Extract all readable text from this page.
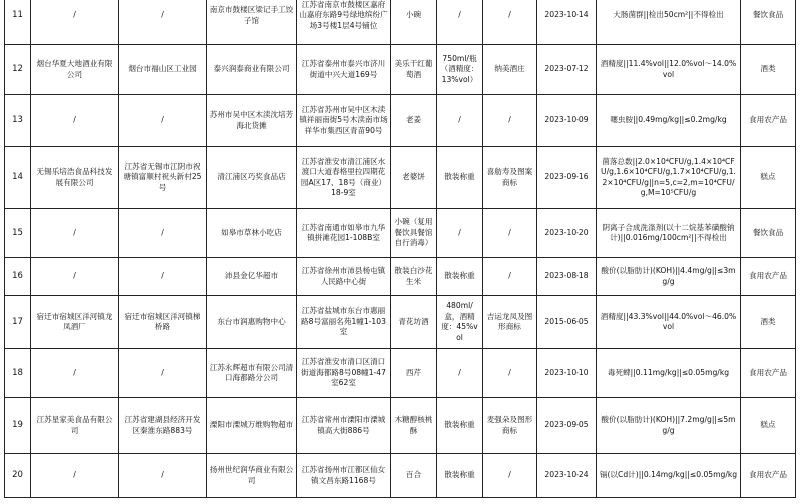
11	/	/	南京市鼓楼区梁记手工饺子馆	江苏省南京市鼓楼区嘉府山嘉府东路9号绿地缤纷广场3号楼1层4号铺位	小碗	/	/	2023-10-14	大肠菌群||检出50cm²||不得检出	餐饮食品
12	烟台华夏大地酒业有限公司	烟台市福山区工业园	泰兴润泰商业有限公司	江苏省泰州市泰兴市济川街道中兴大道169号	美乐干红葡萄酒	750ml/瓶（酒精度：13%vol）	纳美酒庄	2023-07-12	酒精度||11.4%vol||12.0%vol～14.0%vol	酒类
13	/	/	苏州市吴中区木渎沈培芳海北货摊	江苏省苏州市吴中区木渎镇祥丽南街5号木渎南市场祥华市集西区青苗90号	老姜	/	/	2023-10-09	噻虫胺||0.49mg/kg||≤0.2mg/kg	食用农产品
14	无锡乐培浩食品科技发展有限公司	江苏省无锡市江阴市祝塘镇富顺村祝头新村25号	清江浦区巧奖食品店	江苏省淮安市清江浦区水渡口大道春格里拉四期花园A区17、18号（商业）18-9室	老婆饼	散装称重	喜舫寿及图案商标	2023-09-16	菌落总数||2.0×10⁴CFU/g,1.4×10⁴CFU/g,1.6×10⁴CFU/g,1.7×10⁴CFU/g,1.2×10⁴CFU/g||n=5,c=2,m=10⁴CFU/g,M=10⁵CFU/g	糕点
15	/	/	如皋市草林小吃店	江苏省南通市如皋市九华镇拼滩花园1-108B室	小碗（复用餐饮具餐馆自行消毒）	/	/	2023-10-20	阴离子合成洗涤剂(以十二烷基苯磺酸钠计)||0.016mg/100cm²||不得检出	餐饮食品
16	/	/	沛县金亿华超市	江苏省徐州市沛县杨屯镇人民路中心街	散装白沙花生米	散装称重	/	2023-08-18	酸价(以脂肪计)(KOH)||4.4mg/g||≤3mg/g	食用农产品
17	宿迁市宿城区洋河镇龙凤酒厂	宿迁市宿城区洋河镇梯桥路	东台市润惠购物中心	江苏省盐城市东台市惠丽路8号富丽名苑1幢1-103室	青花坊酒	480ml/盒，酒精度：45%vol	吉运龙凤及图形商标	2015-06-05	酒精度||43.3%vol||44.0%vol～46.0%vol	酒类
18	/	/	江苏永辉超市有限公司清口海都路分公司	江苏省淮安市清口区清口街道海都路8号08幢1-47室62室	西芹	/	/	2023-10-10	毒死蜱||0.11mg/kg||≤0.05mg/kg	食用农产品
19	江苏星家美食品有限公司	江苏省建湖县经济开发区秦淮东路883号	溧阳市溧城万维购物超市	江苏省常州市溧阳市溧城镇高大街886号	木糖醇核桃酥	散装称重	麦强朵及图形商标	2023-09-05	酸价(以脂肪计)(KOH)||7.2mg/g||≤5mg/g	糕点
20	/	/	扬州世纪润华商业有限公司	江苏省扬州市江都区仙女镇文昌东路1168号	百合	散装称重	/	2023-10-24	镉(以Cd计)||0.14mg/kg||≤0.05mg/kg	食用农产品
